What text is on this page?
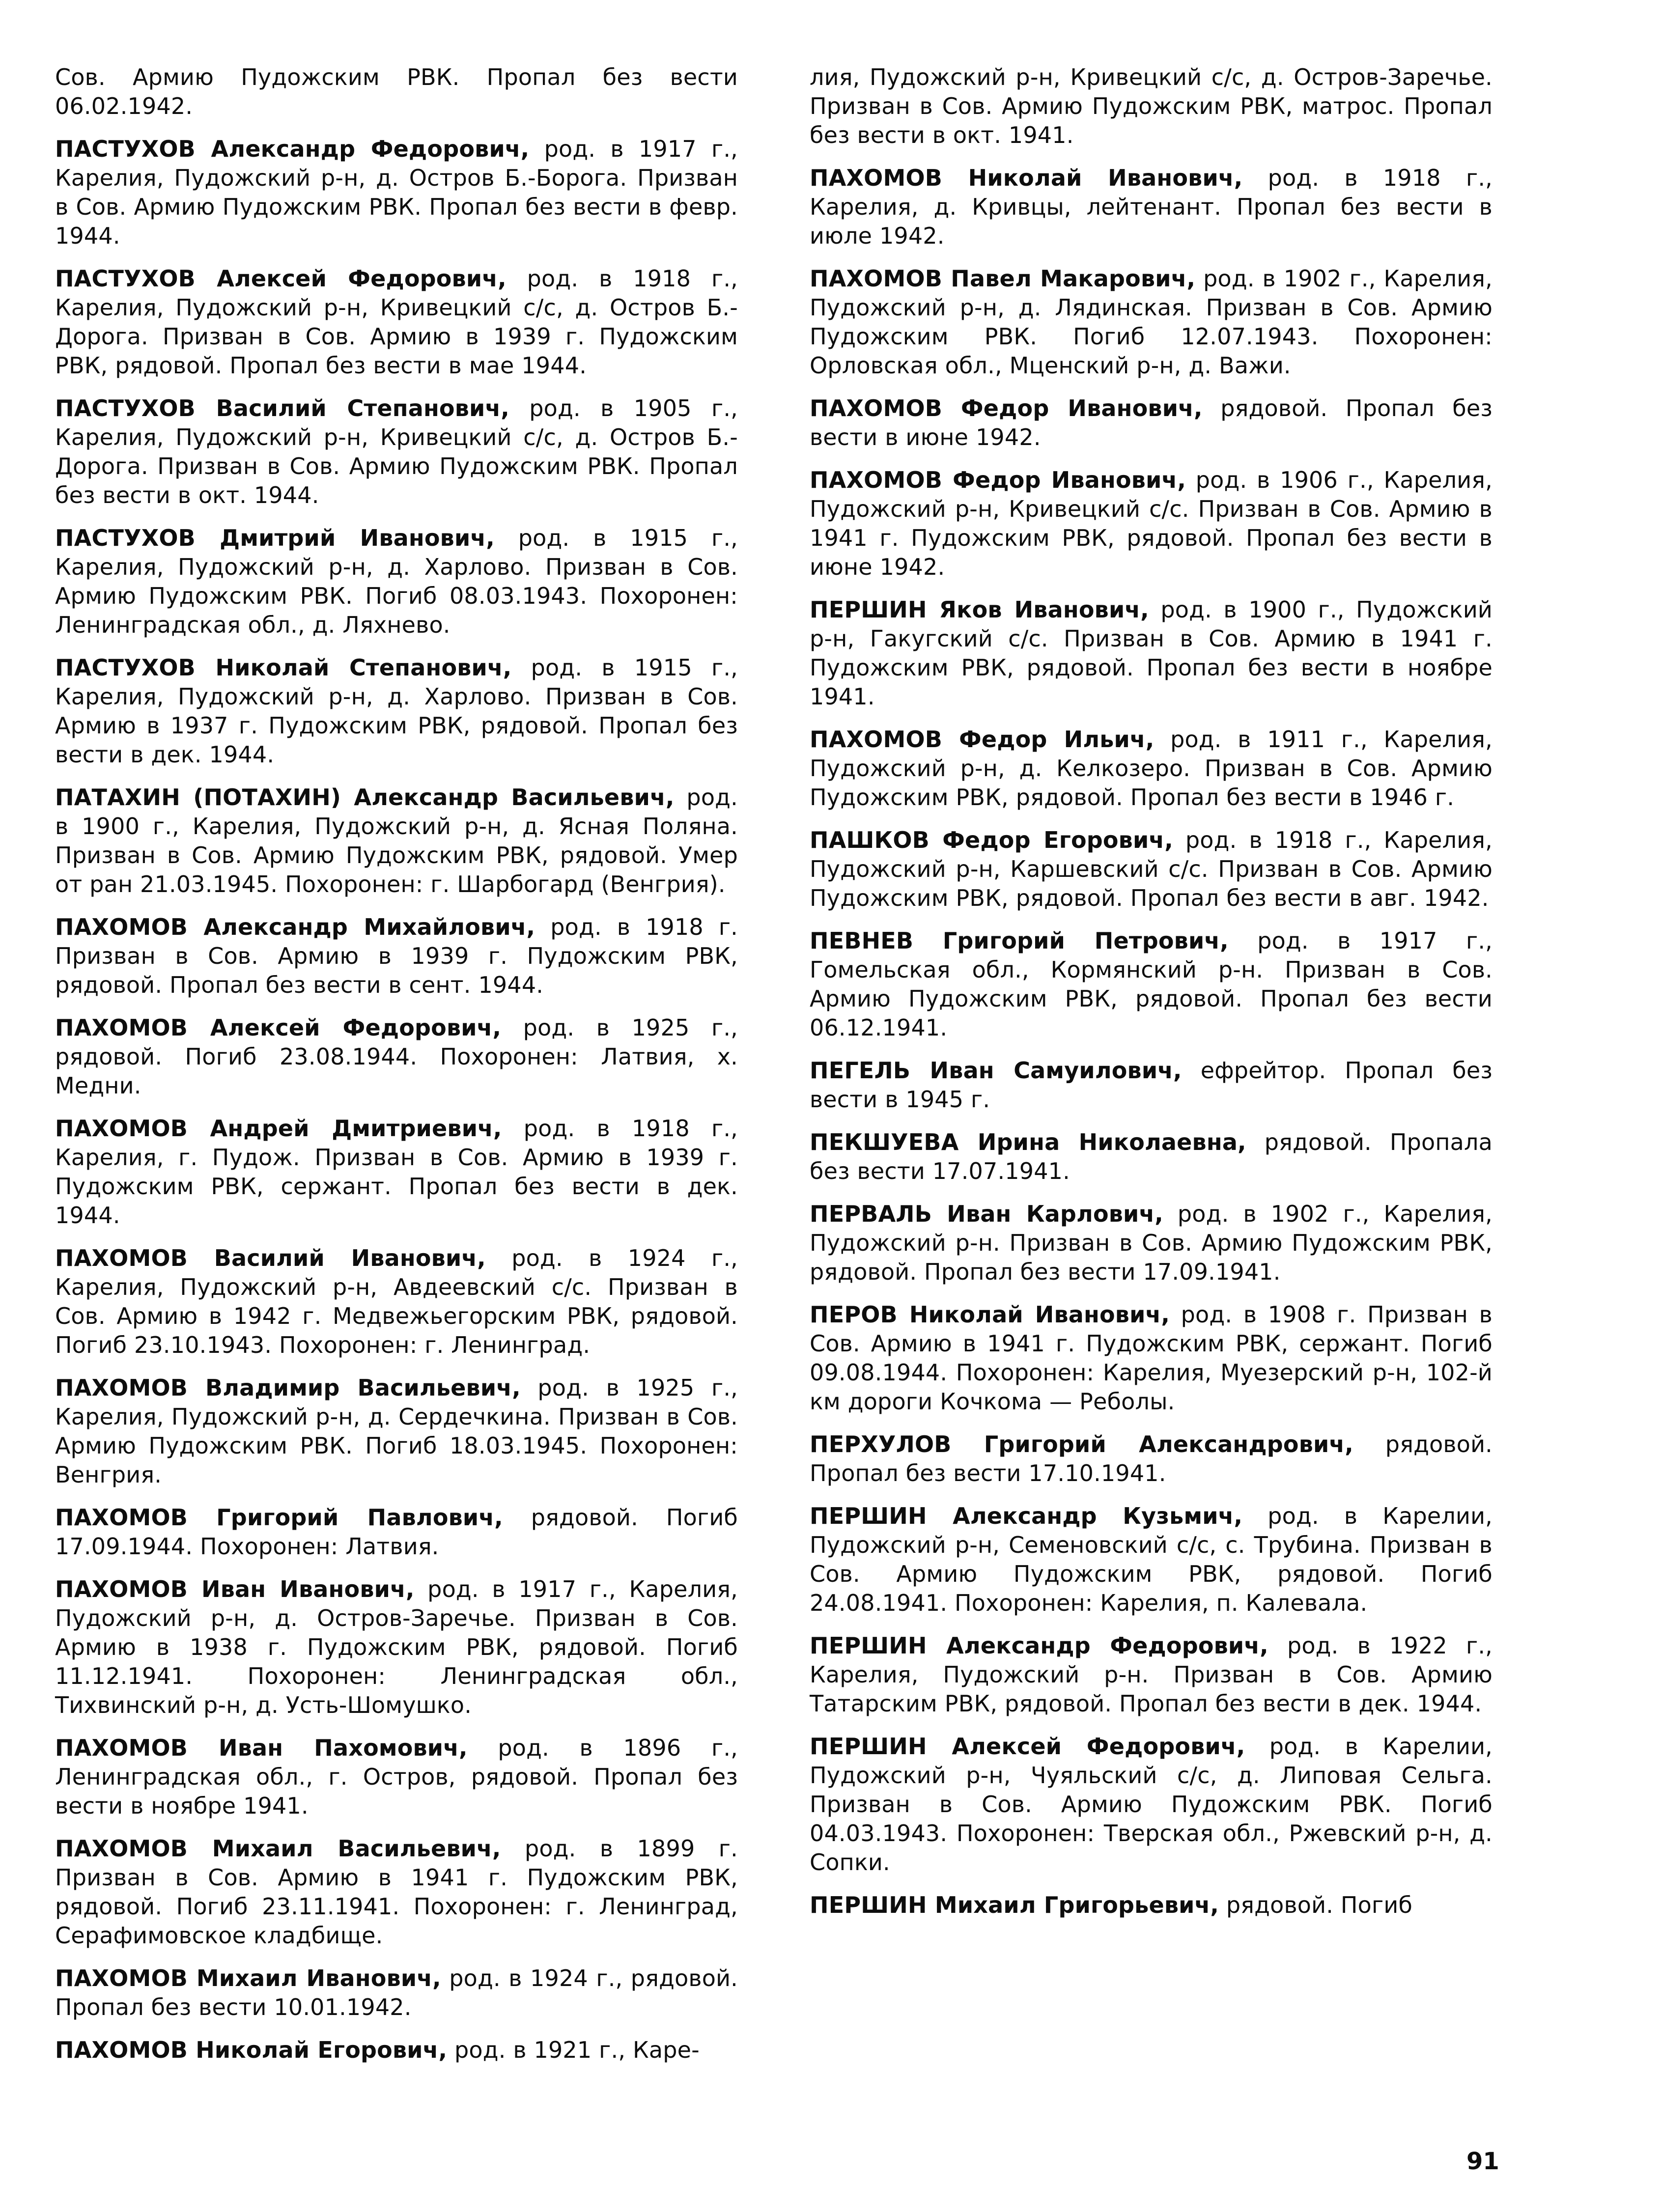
Сов. Армию Пудожским РВК. Пропал без вести 06.02.1942.

ПАСТУХОВ Александр Федорович, род. в 1917 г., Карелия, Пудожский р-н, д. Остров Б.-Борога. Призван в Сов. Армию Пудожским РВК. Пропал без вести в февр. 1944.

ПАСТУХОВ Алексей Федорович, род. в 1918 г., Карелия, Пудожский р-н, Кривецкий с/с, д. Остров Б.-Дорога. Призван в Сов. Армию в 1939 г. Пудожским РВК, рядовой. Пропал без вести в мае 1944.

ПАСТУХОВ Василий Степанович, род. в 1905 г., Карелия, Пудожский р-н, Кривецкий с/с, д. Остров Б.-Дорога. Призван в Сов. Армию Пудожским РВК. Пропал без вести в окт. 1944.

ПАСТУХОВ Дмитрий Иванович, род. в 1915 г., Карелия, Пудожский р-н, д. Харлово. Призван в Сов. Армию Пудожским РВК. Погиб 08.03.1943. Похоронен: Ленинградская обл., д. Ляхнево.

ПАСТУХОВ Николай Степанович, род. в 1915 г., Карелия, Пудожский р-н, д. Харлово. Призван в Сов. Армию в 1937 г. Пудожским РВК, рядовой. Пропал без вести в дек. 1944.

ПАТАХИН (ПОТАХИН) Александр Васильевич, род. в 1900 г., Карелия, Пудожский р-н, д. Ясная Поляна. Призван в Сов. Армию Пудожским РВК, рядовой. Умер от ран 21.03.1945. Похоронен: г. Шарбогард (Венгрия).

ПАХОМОВ Александр Михайлович, род. в 1918 г. Призван в Сов. Армию в 1939 г. Пудожским РВК, рядовой. Пропал без вести в сент. 1944.

ПАХОМОВ Алексей Федорович, род. в 1925 г., рядовой. Погиб 23.08.1944. Похоронен: Латвия, х. Медни.

ПАХОМОВ Андрей Дмитриевич, род. в 1918 г., Карелия, г. Пудож. Призван в Сов. Армию в 1939 г. Пудожским РВК, сержант. Пропал без вести в дек. 1944.

ПАХОМОВ Василий Иванович, род. в 1924 г., Карелия, Пудожский р-н, Авдеевский с/с. Призван в Сов. Армию в 1942 г. Медвежьегорским РВК, рядовой. Погиб 23.10.1943. Похоронен: г. Ленинград.

ПАХОМОВ Владимир Васильевич, род. в 1925 г., Карелия, Пудожский р-н, д. Сердечкина. Призван в Сов. Армию Пудожским РВК. Погиб 18.03.1945. Похоронен: Венгрия.

ПАХОМОВ Григорий Павлович, рядовой. Погиб 17.09.1944. Похоронен: Латвия.

ПАХОМОВ Иван Иванович, род. в 1917 г., Карелия, Пудожский р-н, д. Остров-Заречье. Призван в Сов. Армию в 1938 г. Пудожским РВК, рядовой. Погиб 11.12.1941. Похоронен: Ленинградская обл., Тихвинский р-н, д. Усть-Шомушко.

ПАХОМОВ Иван Пахомович, род. в 1896 г., Ленинградская обл., г. Остров, рядовой. Пропал без вести в ноябре 1941.

ПАХОМОВ Михаил Васильевич, род. в 1899 г. Призван в Сов. Армию в 1941 г. Пудожским РВК, рядовой. Погиб 23.11.1941. Похоронен: г. Ленинград, Серафимовское кладбище.

ПАХОМОВ Михаил Иванович, род. в 1924 г., рядовой. Пропал без вести 10.01.1942.

ПАХОМОВ Николай Егорович, род. в 1921 г., Каре-

лия, Пудожский р-н, Кривецкий с/с, д. Остров-Заречье. Призван в Сов. Армию Пудожским РВК, матрос. Пропал без вести в окт. 1941.

ПАХОМОВ Николай Иванович, род. в 1918 г., Карелия, д. Кривцы, лейтенант. Пропал без вести в июле 1942.

ПАХОМОВ Павел Макарович, род. в 1902 г., Карелия, Пудожский р-н, д. Лядинская. Призван в Сов. Армию Пудожским РВК. Погиб 12.07.1943. Похоронен: Орловская обл., Мценский р-н, д. Важи.

ПАХОМОВ Федор Иванович, рядовой. Пропал без вести в июне 1942.

ПАХОМОВ Федор Иванович, род. в 1906 г., Карелия, Пудожский р-н, Кривецкий с/с. Призван в Сов. Армию в 1941 г. Пудожским РВК, рядовой. Пропал без вести в июне 1942.

ПЕРШИН Яков Иванович, род. в 1900 г., Пудожский р-н, Гакугский с/с. Призван в Сов. Армию в 1941 г. Пудожским РВК, рядовой. Пропал без вести в ноябре 1941.

ПАХОМОВ Федор Ильич, род. в 1911 г., Карелия, Пудожский р-н, д. Келкозеро. Призван в Сов. Армию Пудожским РВК, рядовой. Пропал без вести в 1946 г.

ПАШКОВ Федор Егорович, род. в 1918 г., Карелия, Пудожский р-н, Каршевский с/с. Призван в Сов. Армию Пудожским РВК, рядовой. Пропал без вести в авг. 1942.

ПЕВНЕВ Григорий Петрович, род. в 1917 г., Гомельская обл., Кормянский р-н. Призван в Сов. Армию Пудожским РВК, рядовой. Пропал без вести 06.12.1941.

ПЕГЕЛЬ Иван Самуилович, ефрейтор. Пропал без вести в 1945 г.

ПЕКШУЕВА Ирина Николаевна, рядовой. Пропала без вести 17.07.1941.

ПЕРВАЛЬ Иван Карлович, род. в 1902 г., Карелия, Пудожский р-н. Призван в Сов. Армию Пудожским РВК, рядовой. Пропал без вести 17.09.1941.

ПЕРОВ Николай Иванович, род. в 1908 г. Призван в Сов. Армию в 1941 г. Пудожским РВК, сержант. Погиб 09.08.1944. Похоронен: Карелия, Муезерский р-н, 102-й км дороги Кочкома — Реболы.

ПЕРХУЛОВ Григорий Александрович, рядовой. Пропал без вести 17.10.1941.

ПЕРШИН Александр Кузьмич, род. в Карелии, Пудожский р-н, Семеновский с/с, с. Трубина. Призван в Сов. Армию Пудожским РВК, рядовой. Погиб 24.08.1941. Похоронен: Карелия, п. Калевала.

ПЕРШИН Александр Федорович, род. в 1922 г., Карелия, Пудожский р-н. Призван в Сов. Армию Татарским РВК, рядовой. Пропал без вести в дек. 1944.

ПЕРШИН Алексей Федорович, род. в Карелии, Пудожский р-н, Чуяльский с/с, д. Липовая Сельга. Призван в Сов. Армию Пудожским РВК. Погиб 04.03.1943. Похоронен: Тверская обл., Ржевский р-н, д. Сопки.

ПЕРШИН Михаил Григорьевич, рядовой. Погиб

91
